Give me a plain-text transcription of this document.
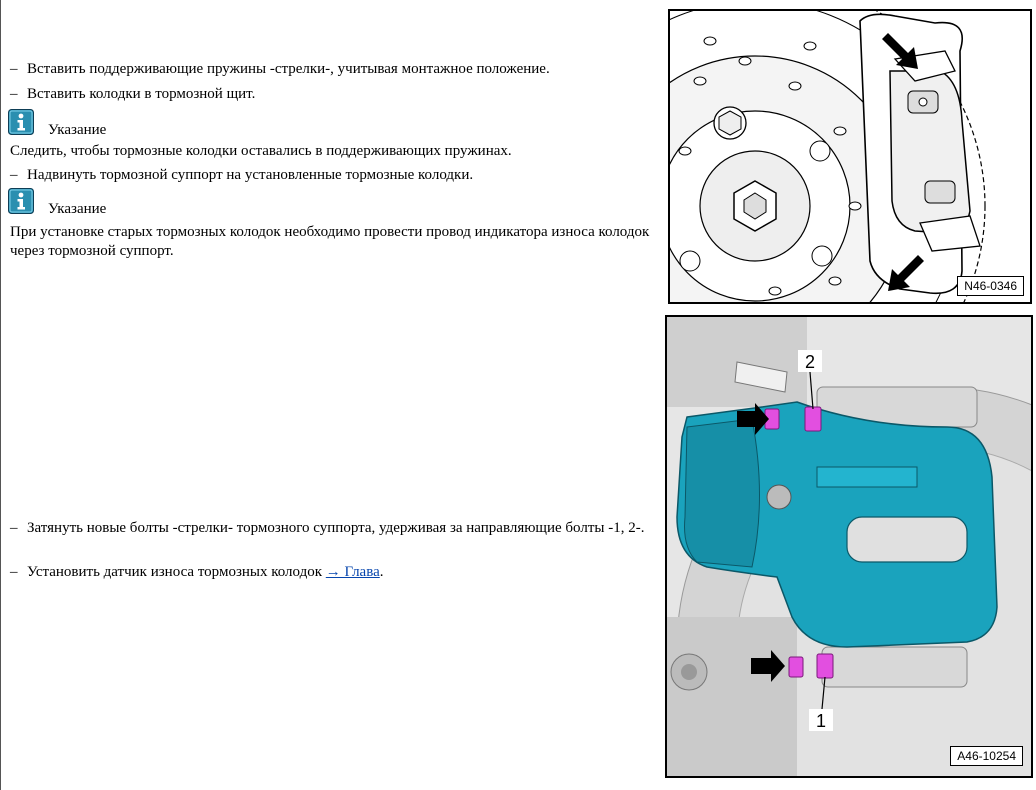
– Вставить поддерживающие пружины -стрелки-, учитывая монтажное положение.
– Вставить колодки в тормозной щит.
Указание
Следить, чтобы тормозные колодки оставались в поддерживающих пружинах.
– Надвинуть тормозной суппорт на установленные тормозные колодки.
Указание
При установке старых тормозных колодок необходимо провести провод индикатора износа колодок через тормозной суппорт.
– Затянуть новые болты -стрелки- тормозного суппорта, удерживая за направляющие болты -1, 2-.
– Установить датчик износа тормозных колодок → Глава.
N46-0346
2
1
A46-10254
